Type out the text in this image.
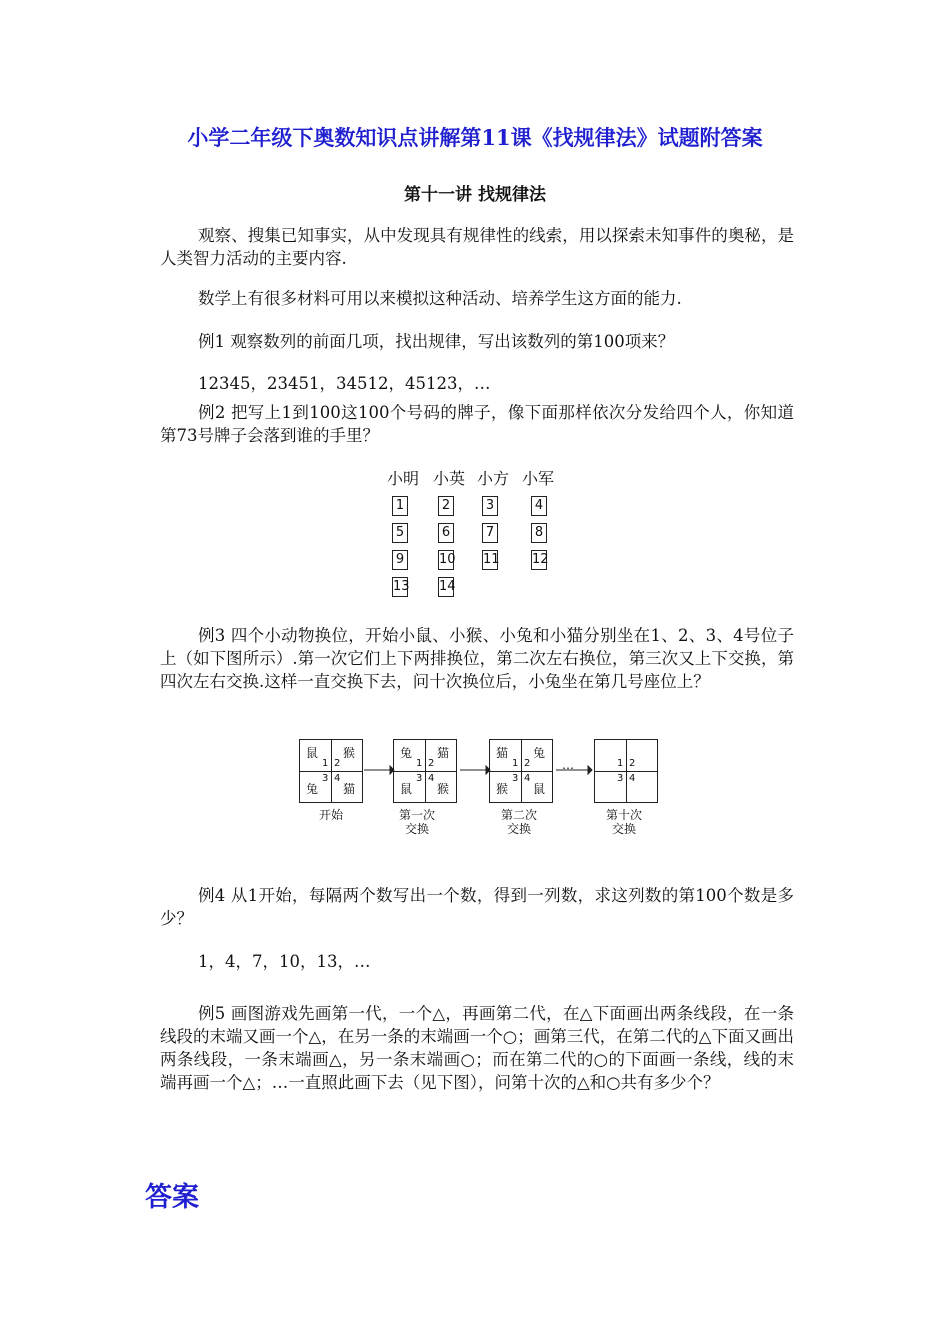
小学二年级下奥数知识点讲解第11课《找规律法》试题附答案
第十一讲 找规律法
观察、搜集已知事实，从中发现具有规律性的线索，用以探索未知事件的奥秘，是人类智力活动的主要内容.
数学上有很多材料可用以来模拟这种活动、培养学生这方面的能力.
例1 观察数列的前面几项，找出规律，写出该数列的第100项来？
12345，23451，34512，45123，…
例2 把写上1到100这100个号码的牌子，像下面那样依次分发给四个人，你知道第73号牌子会落到谁的手里？
小明 小英 小方 小军
1	2	3	4
5	6	7	8
9	10 11 12
13 14
例3 四个小动物换位，开始小鼠、小猴、小兔和小猫分别坐在1、2、3、4号位子上（如下图所示）.第一次它们上下两排换位，第二次左右换位，第三次又上下交换，第四次左右交换.这样一直交换下去，问十次换位后，小兔坐在第几号座位上？
鼠 猴
兔 猫
1 2
3 4
兔 猫
鼠 猴
1 2
3 4
猫 兔
猴 鼠
1 2
3 4
1 2
3 4
…
开始	第一次交换
第二次交换
第十次交换
例4 从1开始，每隔两个数写出一个数，得到一列数，求这列数的第100个数是多少？
1，4，7，10，13，…
例5 画图游戏先画第一代，一个△，再画第二代，在△下面画出两条线段，在一条线段的末端又画一个△，在另一条的末端画一个○；画第三代，在第二代的△下面又画出两条线段，一条末端画△，另一条末端画○；而在第二代的○的下面画一条线，线的末端再画一个△；…一直照此画下去（见下图），问第十次的△和○共有多少个？
答案
